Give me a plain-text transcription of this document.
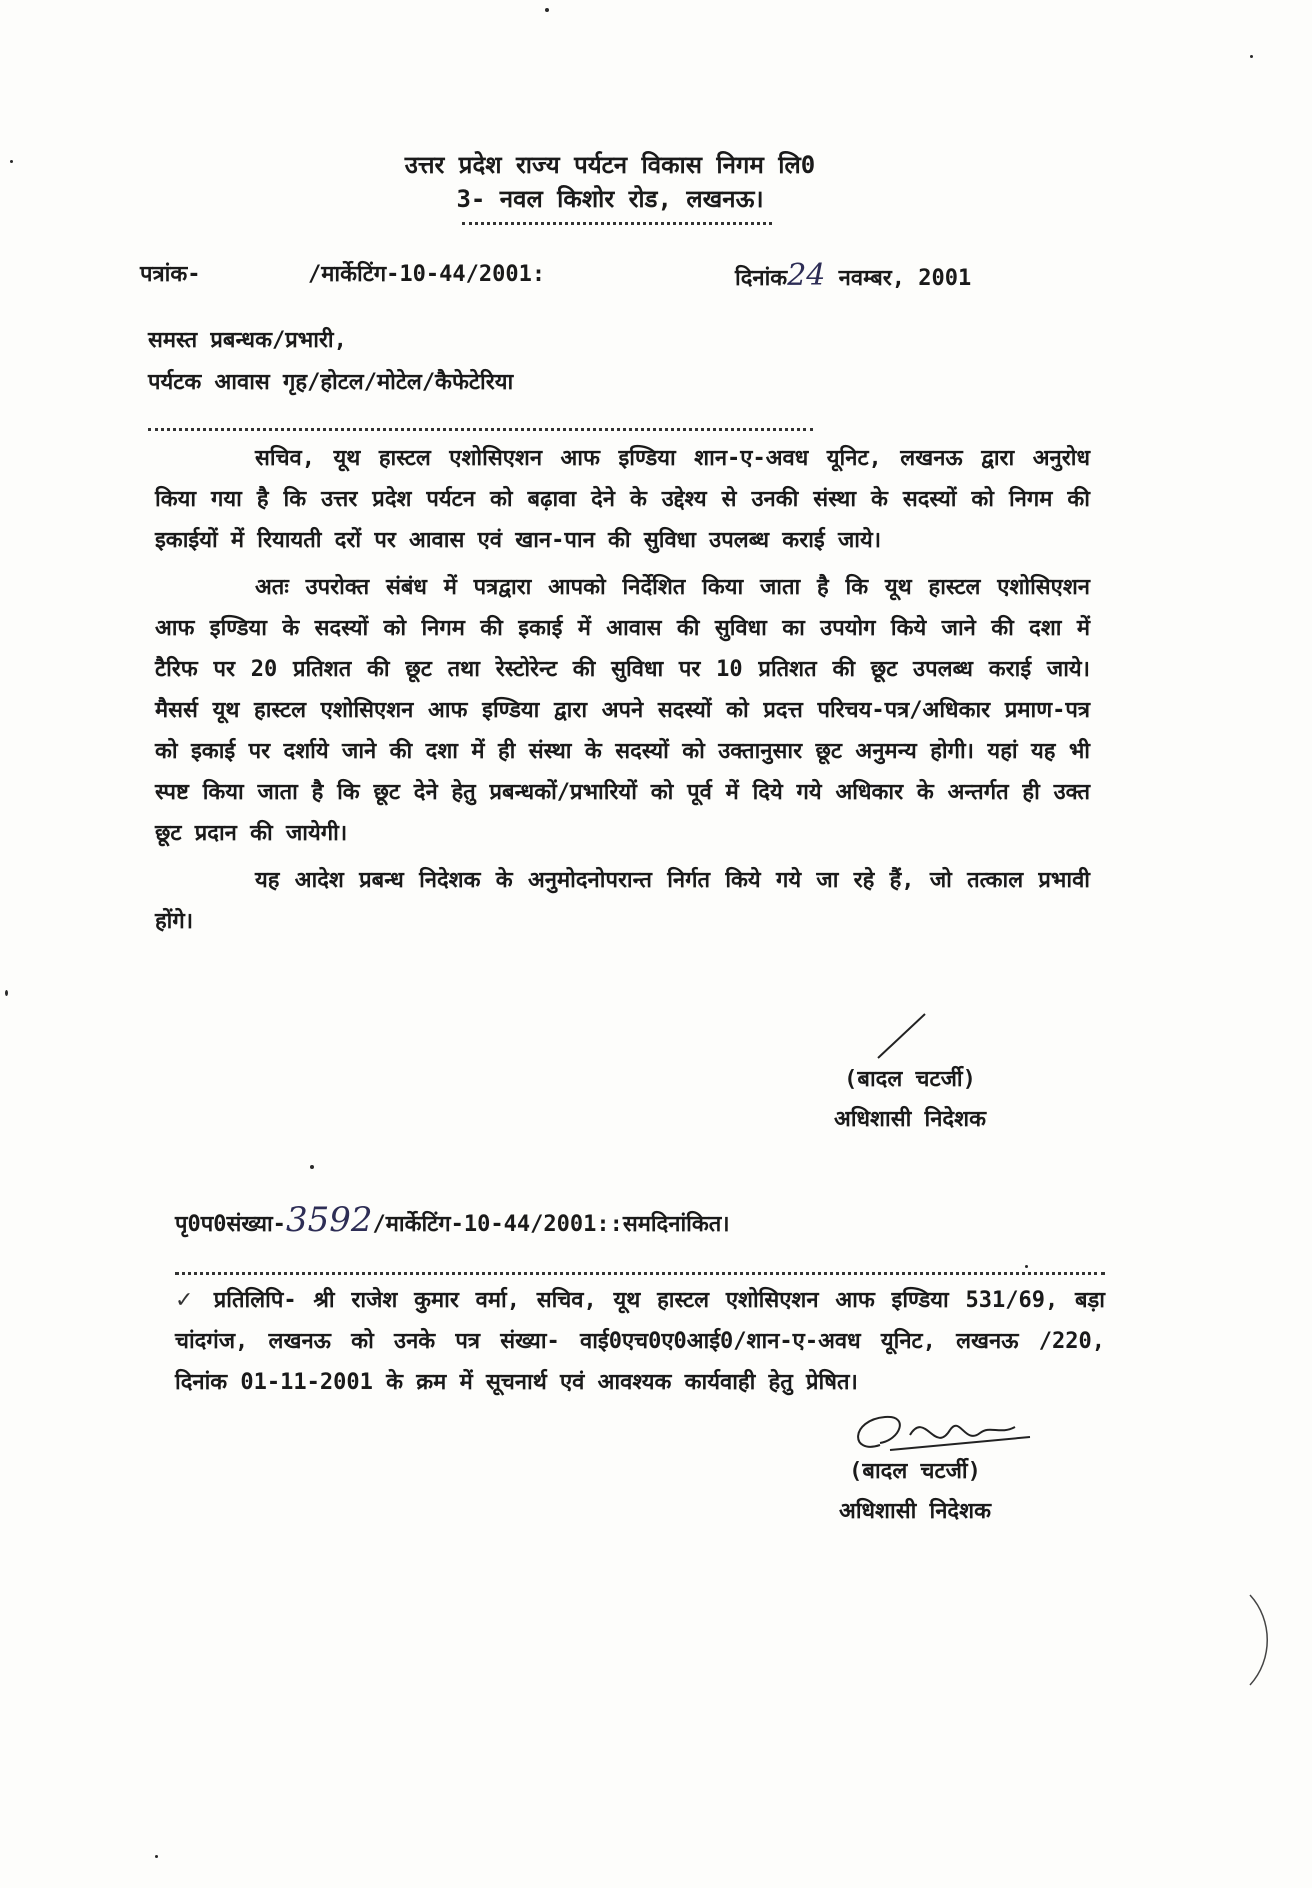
उत्तर प्रदेश राज्य पर्यटन विकास निगम लि0
3- नवल किशोर रोड, लखनऊ।
पत्रांक-	/मार्केटिंग-10-44/2001:	दिनांक24 नवम्बर, 2001
समस्त प्रबन्धक/प्रभारी,
पर्यटक आवास गृह/होटल/मोटेल/कैफेटेरिया

सचिव, यूथ हास्टल एशोसिएशन आफ इण्डिया शान-ए-अवध यूनिट, लखनऊ द्वारा अनुरोध किया गया है कि उत्तर प्रदेश पर्यटन को बढ़ावा देने के उद्देश्य से उनकी संस्था के सदस्यों को निगम की इकाईयों में रियायती दरों पर आवास एवं खान-पान की सुविधा उपलब्ध कराई जाये।

अतः उपरोक्त संबंध में पत्रद्वारा आपको निर्देशित किया जाता है कि यूथ हास्टल एशोसिएशन आफ इण्डिया के सदस्यों को निगम की इकाई में आवास की सुविधा का उपयोग किये जाने की दशा में टैरिफ पर 20 प्रतिशत की छूट तथा रेस्टोरेन्ट की सुविधा पर 10 प्रतिशत की छूट उपलब्ध कराई जाये। मैसर्स यूथ हास्टल एशोसिएशन आफ इण्डिया द्वारा अपने सदस्यों को प्रदत्त परिचय-पत्र/अधिकार प्रमाण-पत्र को इकाई पर दर्शाये जाने की दशा में ही संस्था के सदस्यों को उक्तानुसार छूट अनुमन्य होगी। यहां यह भी स्पष्ट किया जाता है कि छूट देने हेतु प्रबन्धकों/प्रभारियों को पूर्व में दिये गये अधिकार के अन्तर्गत ही उक्त छूट प्रदान की जायेगी।

यह आदेश प्रबन्ध निदेशक के अनुमोदनोपरान्त निर्गत किये गये जा रहे हैं, जो तत्काल प्रभावी होंगे।

(बादल चटर्जी)
अधिशासी निदेशक
पृ0प0संख्या-3592/मार्केटिंग-10-44/2001::समदिनांकित।
✓ प्रतिलिपि- श्री राजेश कुमार वर्मा, सचिव, यूथ हास्टल एशोसिएशन आफ इण्डिया 531/69, बड़ा चांदगंज, लखनऊ को उनके पत्र संख्या- वाई0एच0ए0आई0/शान-ए-अवध यूनिट, लखनऊ /220, दिनांक 01-11-2001 के क्रम में सूचनार्थ एवं आवश्यक कार्यवाही हेतु प्रेषित।
(बादल चटर्जी)
अधिशासी निदेशक
